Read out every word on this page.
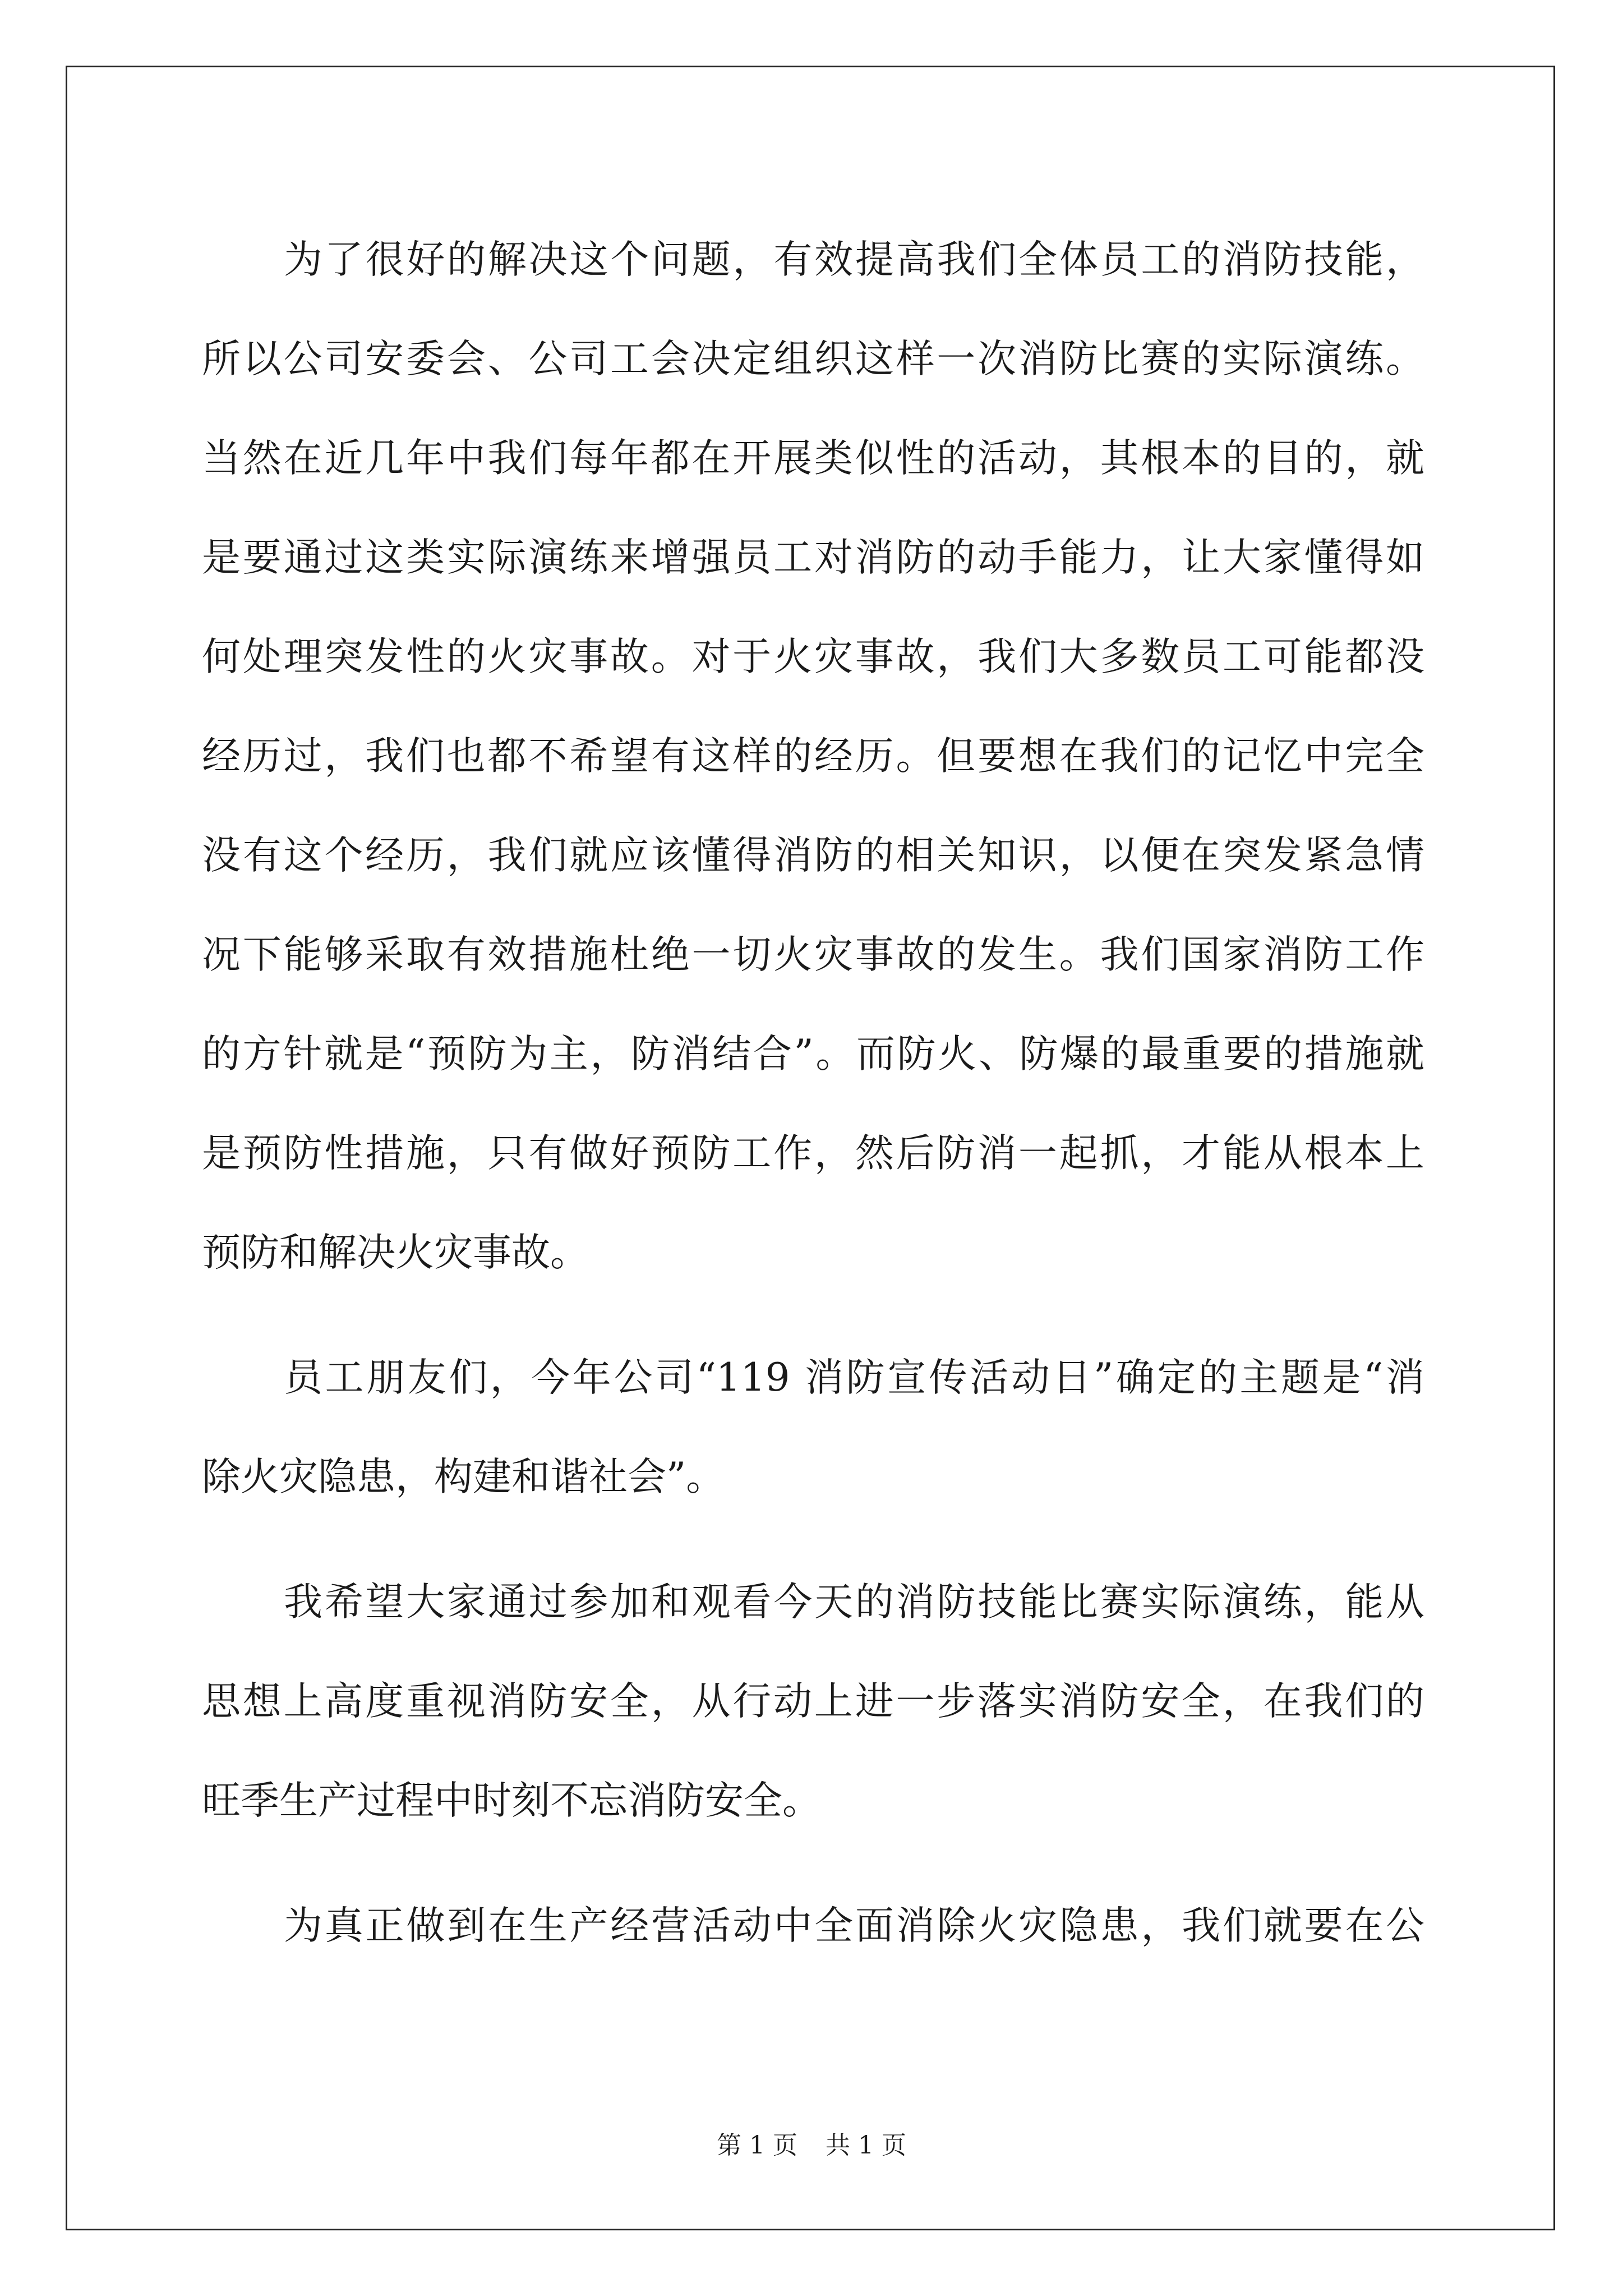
为了很好的解决这个问题，有效提高我们全体员工的消防技能，
所以公司安委会、公司工会决定组织这样一次消防比赛的实际演练。
当然在近几年中我们每年都在开展类似性的活动，其根本的目的，就
是要通过这类实际演练来增强员工对消防的动手能力，让大家懂得如
何处理突发性的火灾事故。对于火灾事故，我们大多数员工可能都没
经历过，我们也都不希望有这样的经历。但要想在我们的记忆中完全
没有这个经历，我们就应该懂得消防的相关知识，以便在突发紧急情
况下能够采取有效措施杜绝一切火灾事故的发生。我们国家消防工作
的方针就是“预防为主，防消结合”。而防火、防爆的最重要的措施就
是预防性措施，只有做好预防工作，然后防消一起抓，才能从根本上
预防和解决火灾事故。
员工朋友们，今年公司“119 消防宣传活动日”确定的主题是“消
除火灾隐患，构建和谐社会”。
我希望大家通过参加和观看今天的消防技能比赛实际演练，能从
思想上高度重视消防安全，从行动上进一步落实消防安全，在我们的
旺季生产过程中时刻不忘消防安全。
为真正做到在生产经营活动中全面消除火灾隐患，我们就要在公
第 1 页 共 1 页
